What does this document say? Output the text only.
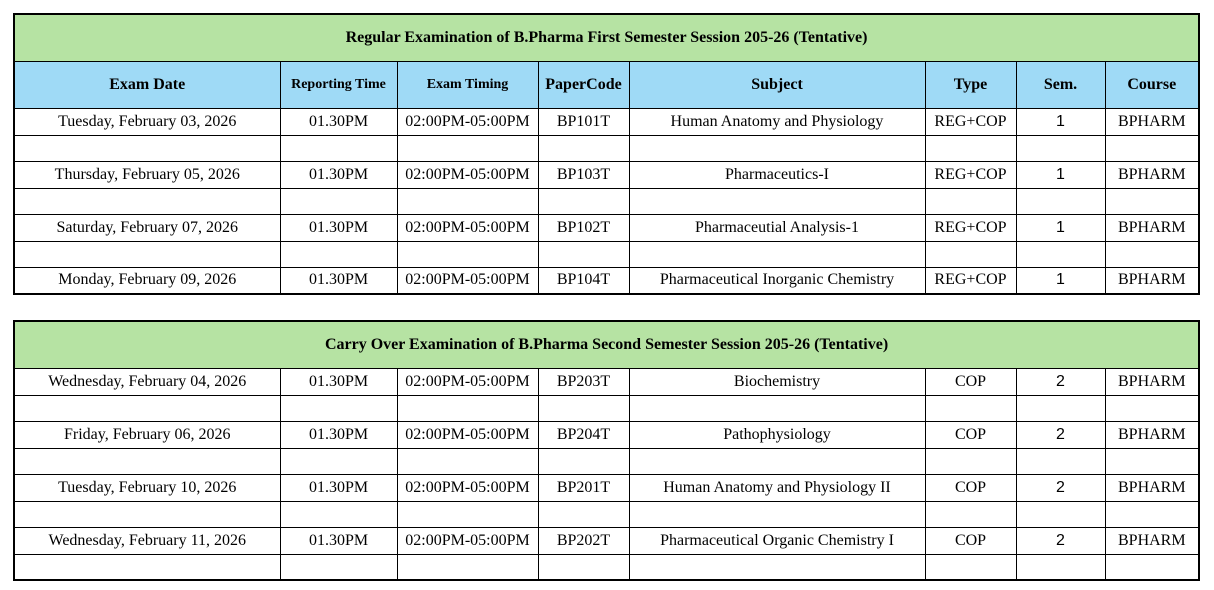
Regular Examination of B.Pharma First Semester Session 205-26 (Tentative)							
Exam Date	Reporting Time	Exam Timing	PaperCode	Subject	Type	Sem.	Course
Tuesday, February 03, 2026	01.30PM	02:00PM-05:00PM	BP101T	Human Anatomy and Physiology	REG+COP	1	BPHARM

Thursday, February 05, 2026	01.30PM	02:00PM-05:00PM	BP103T	Pharmaceutics-I	REG+COP	1	BPHARM

Saturday, February 07, 2026	01.30PM	02:00PM-05:00PM	BP102T	Pharmaceutial Analysis-1	REG+COP	1	BPHARM

Monday, February 09, 2026	01.30PM	02:00PM-05:00PM	BP104T	Pharmaceutical Inorganic Chemistry	REG+COP	1	BPHARM
Carry Over Examination of B.Pharma Second Semester Session 205-26 (Tentative)							
Wednesday, February 04, 2026	01.30PM	02:00PM-05:00PM	BP203T	Biochemistry	COP	2	BPHARM

Friday, February 06, 2026	01.30PM	02:00PM-05:00PM	BP204T	Pathophysiology	COP	2	BPHARM

Tuesday, February 10, 2026	01.30PM	02:00PM-05:00PM	BP201T	Human Anatomy and Physiology II	COP	2	BPHARM

Wednesday, February 11, 2026	01.30PM	02:00PM-05:00PM	BP202T	Pharmaceutical Organic Chemistry I	COP	2	BPHARM
